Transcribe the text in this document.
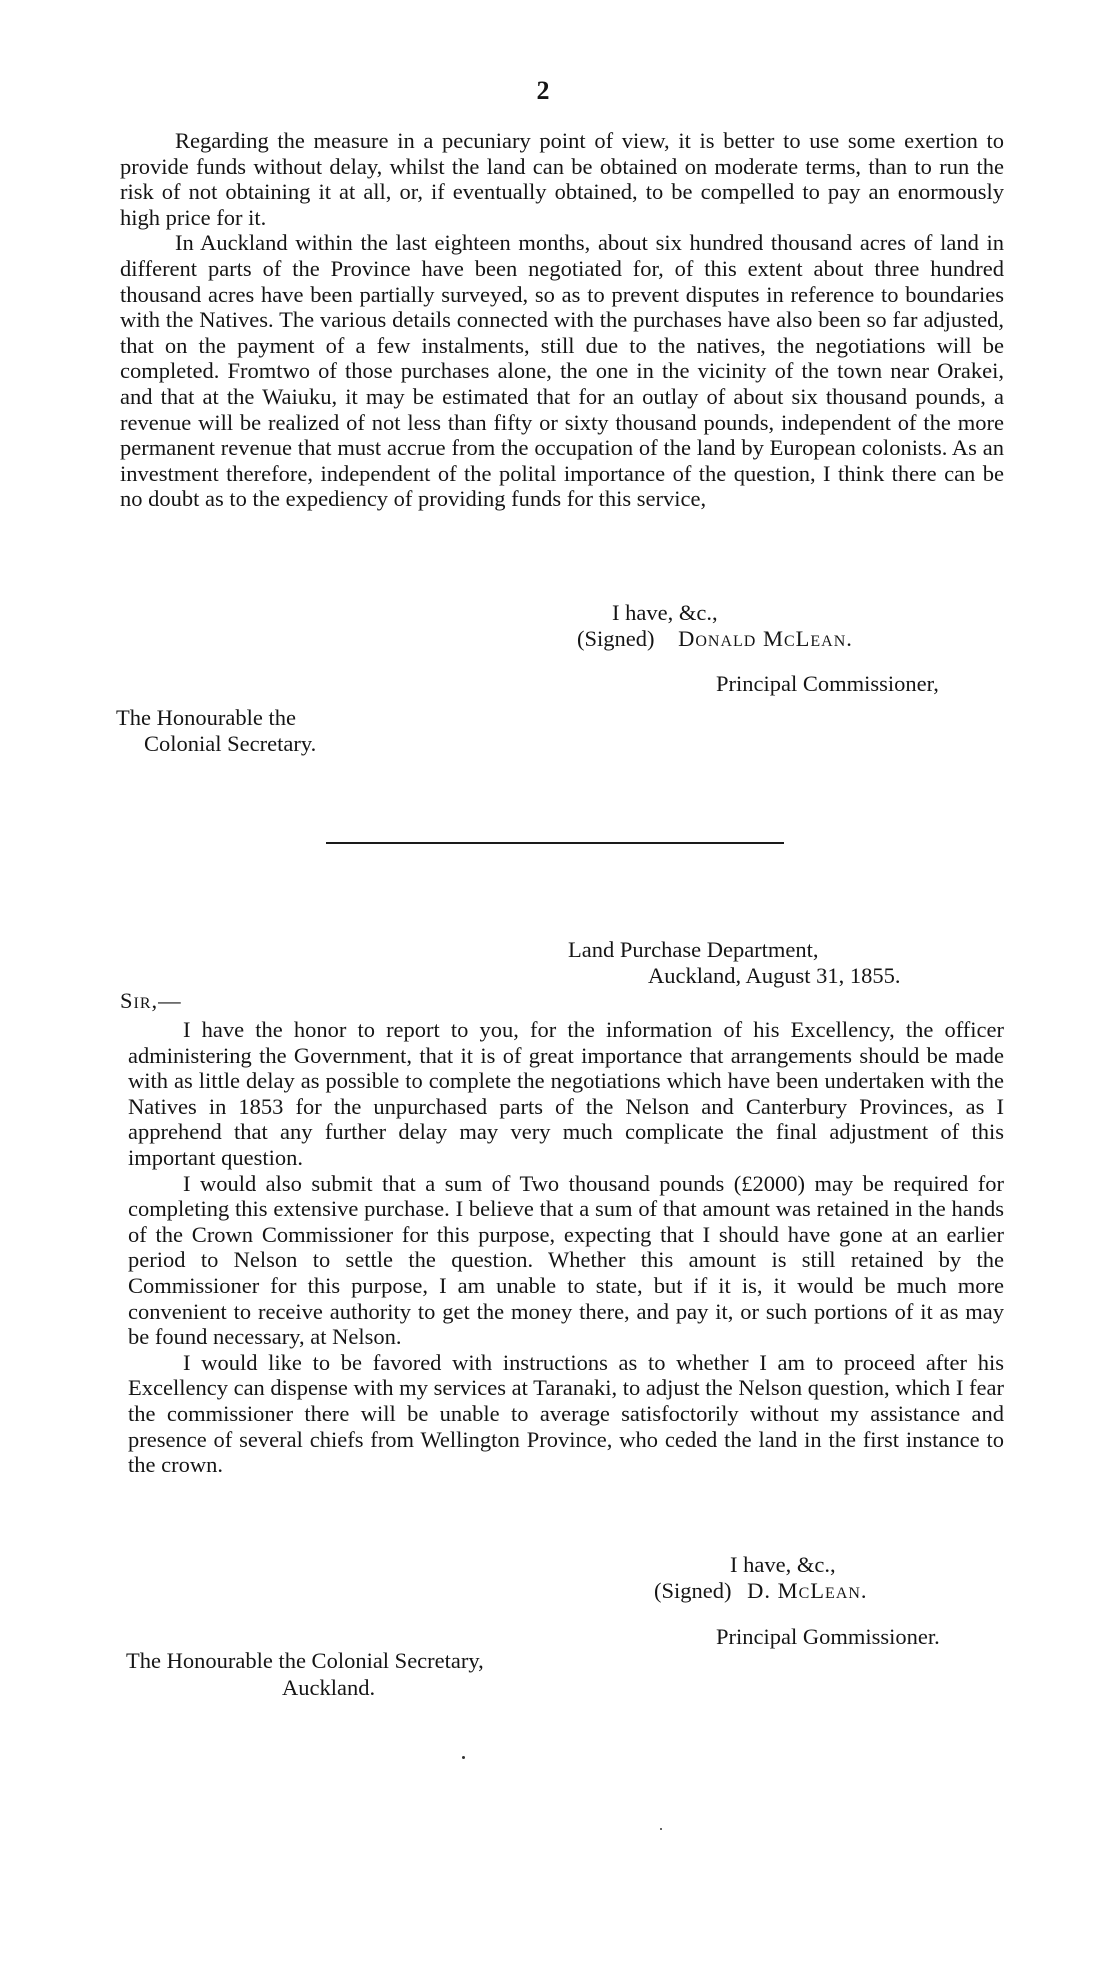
2

Regarding the measure in a pecuniary point of view, it is better to use some exertion to provide funds without delay, whilst the land can be obtained on moderate terms, than to run the risk of not obtaining it at all, or, if eventually obtained, to be compelled to pay an enormously high price for it.

In Auckland within the last eighteen months, about six hundred thousand acres of land in different parts of the Province have been negotiated for, of this extent about three hundred thousand acres have been partially surveyed, so as to prevent disputes in reference to boundaries with the Natives. The various details connected with the purchases have also been so far adjusted, that on the payment of a few instalments, still due to the natives, the negotiations will be completed. Fromtwo of those purchases alone, the one in the vicinity of the town near Orakei, and that at the Waiuku, it may be estimated that for an outlay of about six thousand pounds, a revenue will be realized of not less than fifty or sixty thousand pounds, independent of the more permanent revenue that must accrue from the occupation of the land by European colonists. As an investment therefore, independent of the polital importance of the question, I think there can be no doubt as to the expediency of providing funds for this service,

I have, &c.,
(Signed) Donald McLean.
Principal Commissioner,
The Honourable the
Colonial Secretary.
Land Purchase Department,
Auckland, August 31, 1855.
Sir,—

I have the honor to report to you, for the information of his Excellency, the officer administering the Government, that it is of great importance that arrangements should be made with as little delay as possible to complete the negotiations which have been undertaken with the Natives in 1853 for the unpurchased parts of the Nelson and Canterbury Provinces, as I apprehend that any further delay may very much complicate the final adjustment of this important question.

I would also submit that a sum of Two thousand pounds (£2000) may be required for completing this extensive purchase. I believe that a sum of that amount was retained in the hands of the Crown Commissioner for this purpose, expecting that I should have gone at an earlier period to Nelson to settle the question. Whether this amount is still retained by the Commissioner for this purpose, I am unable to state, but if it is, it would be much more convenient to receive authority to get the money there, and pay it, or such portions of it as may be found necessary, at Nelson.

I would like to be favored with instructions as to whether I am to proceed after his Excellency can dispense with my services at Taranaki, to adjust the Nelson question, which I fear the commissioner there will be unable to average satisfoctorily without my assistance and presence of several chiefs from Wellington Province, who ceded the land in the first instance to the crown.

I have, &c.,
(Signed) D. McLean.
Principal Gommissioner.
The Honourable the Colonial Secretary,
Auckland.
